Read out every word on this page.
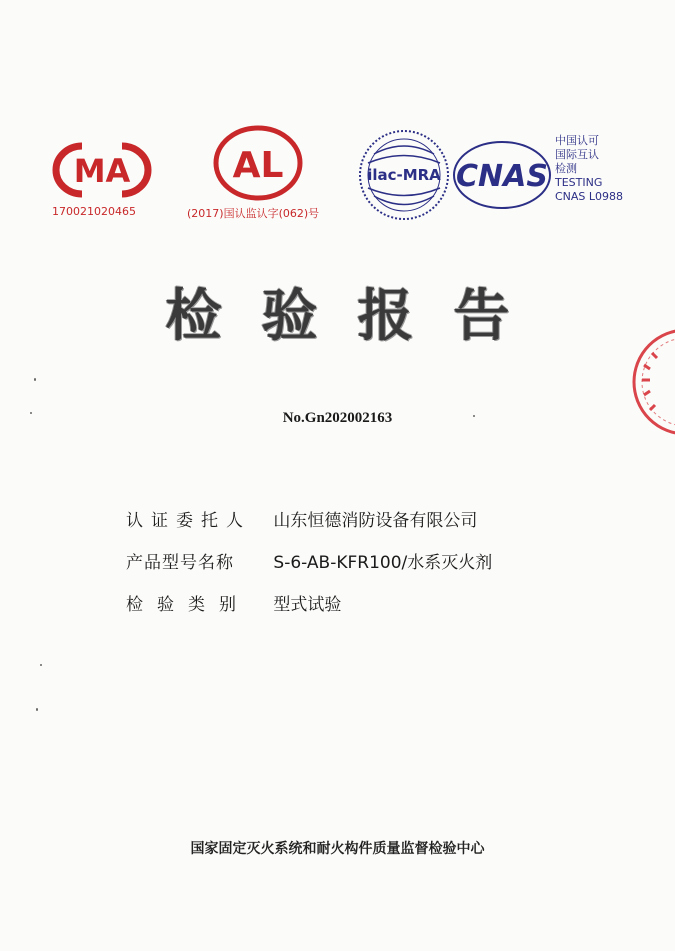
MA
170021020465
AL
(2017)国认监认字(062)号
ilac-MRA CNAS
中国认可
国际互认
检测
TESTING
CNAS L0988
检验报告
No.Gn202002163
认证委托人 山东恒德消防设备有限公司
产品型号名称 S-6-AB-KFR100/水系灭火剂
检验类别 型式试验
国家固定灭火系统和耐火构件质量监督检验中心
